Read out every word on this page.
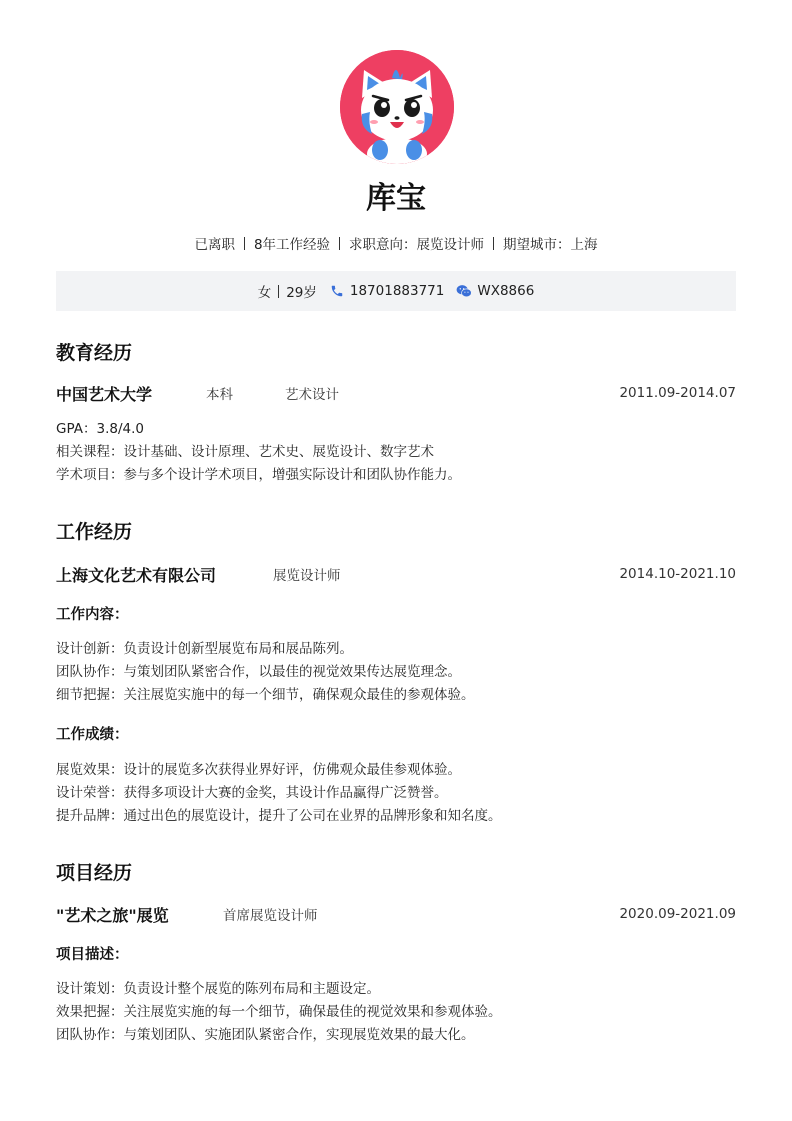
库宝
已离职 8年工作经验 求职意向：展览设计师 期望城市：上海
女 29岁 18701883771 WX8866
教育经历
中国艺术大学	本科	艺术设计	2011.09-2014.07
GPA：3.8/4.0
相关课程：设计基础、设计原理、艺术史、展览设计、数字艺术
学术项目：参与多个设计学术项目，增强实际设计和团队协作能力。
工作经历
上海文化艺术有限公司	展览设计师	2014.10-2021.10
工作内容：
设计创新：负责设计创新型展览布局和展品陈列。
团队协作：与策划团队紧密合作，以最佳的视觉效果传达展览理念。
细节把握：关注展览实施中的每一个细节，确保观众最佳的参观体验。
工作成绩：
展览效果：设计的展览多次获得业界好评，仿佛观众最佳参观体验。
设计荣誉：获得多项设计大赛的金奖，其设计作品赢得广泛赞誉。
提升品牌：通过出色的展览设计，提升了公司在业界的品牌形象和知名度。
项目经历
"艺术之旅"展览	首席展览设计师	2020.09-2021.09
项目描述：
设计策划：负责设计整个展览的陈列布局和主题设定。
效果把握：关注展览实施的每一个细节，确保最佳的视觉效果和参观体验。
团队协作：与策划团队、实施团队紧密合作，实现展览效果的最大化。
